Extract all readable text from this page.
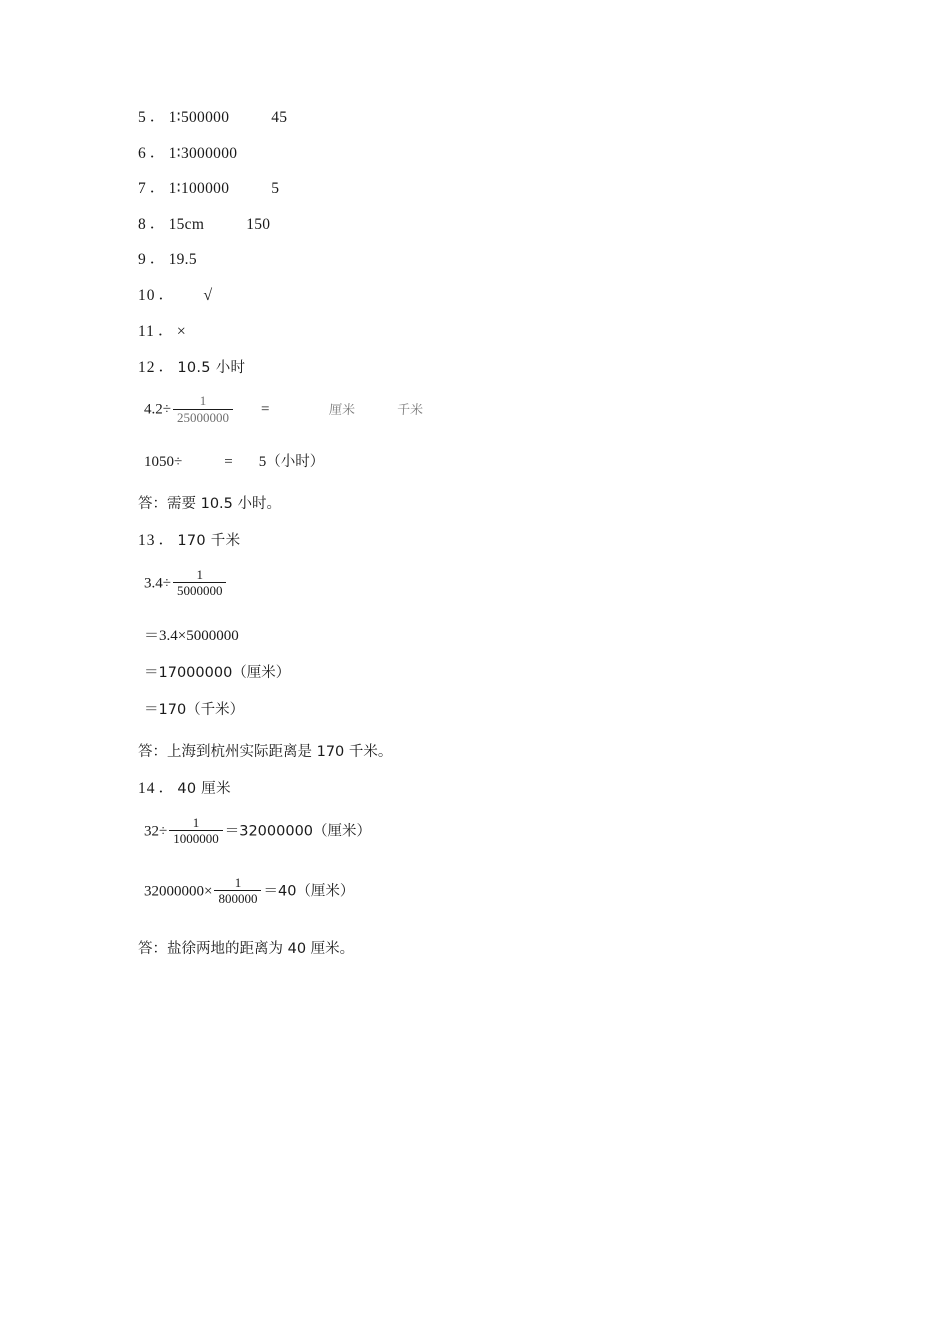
5 ． 1∶500000	45
6 ． 1∶3000000
7 ． 1∶100000	5
8 ． 15cm	150
9 ． 19.5
10 ． √
11 ． ×
12 ． 10.5 小时
$4.2\div \frac{1}{25000000}$ =	厘米	千米
1050÷	= 5（小时）
答：需要 10.5 小时。
13 ． 170 千米
$3.4\div \frac{1}{5000000}$
＝3.4×5000000
＝17000000（厘米）
＝170（千米）
答：上海到杭州实际距离是 170 千米。
14 ． 40 厘米
$32\div \frac{1}{1000000} =32000000$（厘米）
$32000000\times \frac{1}{800000} =40$（厘米）
答：盐徐两地的距离为 40 厘米。
